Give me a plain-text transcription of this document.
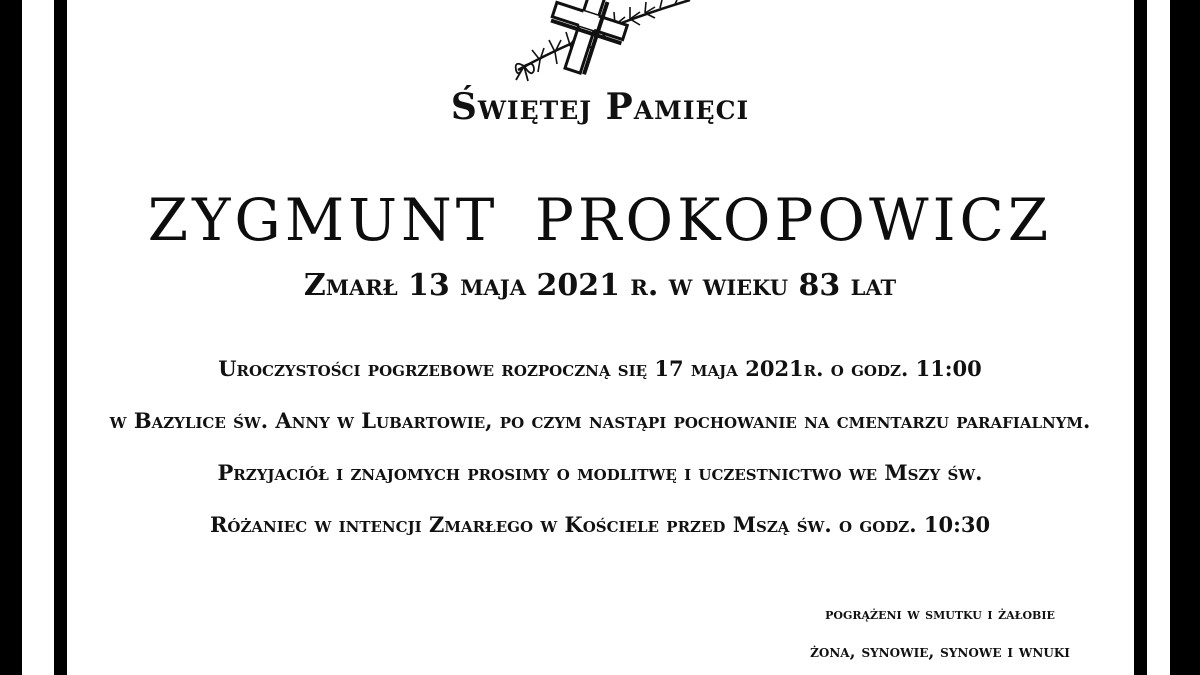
Świętej Pamięci

ZYGMUNT PROKOPOWICZ

Zmarł 13 maja 2021 r. w wieku 83 lat

Uroczystości pogrzebowe rozpoczną się 17 maja 2021r. o godz. 11:00

w Bazylice św. Anny w Lubartowie, po czym nastąpi pochowanie na cmentarzu parafialnym.

Przyjaciół i znajomych prosimy o modlitwę i uczestnictwo we Mszy św.

Różaniec w intencji Zmarłego w Kościele przed Mszą św. o godz. 10:30

pogrążeni w smutku i żałobie

żona, synowie, synowe i wnuki
